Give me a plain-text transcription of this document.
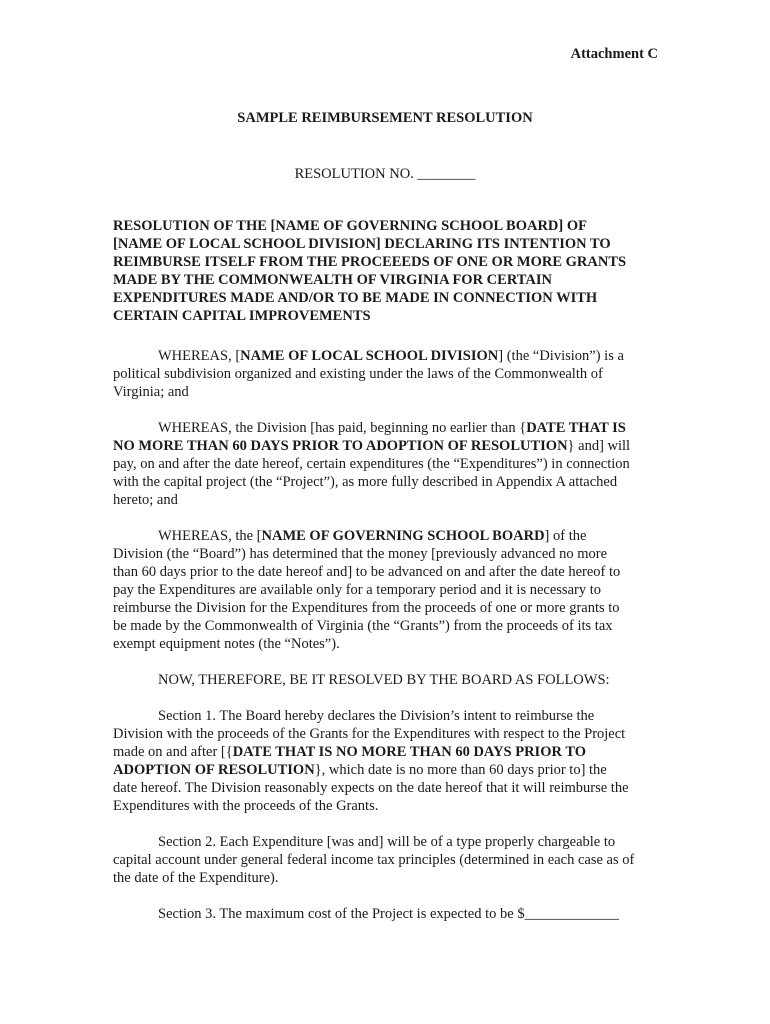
Attachment C
SAMPLE REIMBURSEMENT RESOLUTION
RESOLUTION NO. ________
RESOLUTION OF THE [NAME OF GOVERNING SCHOOL BOARD] OF
[NAME OF LOCAL SCHOOL DIVISION] DECLARING ITS INTENTION TO
REIMBURSE ITSELF FROM THE PROCEEEDS OF ONE OR MORE GRANTS
MADE BY THE COMMONWEALTH OF VIRGINIA FOR CERTAIN
EXPENDITURES MADE AND/OR TO BE MADE IN CONNECTION WITH
CERTAIN CAPITAL IMPROVEMENTS
WHEREAS, [NAME OF LOCAL SCHOOL DIVISION] (the “Division”) is a
political subdivision organized and existing under the laws of the Commonwealth of
Virginia; and
WHEREAS, the Division [has paid, beginning no earlier than {DATE THAT IS
NO MORE THAN 60 DAYS PRIOR TO ADOPTION OF RESOLUTION} and] will
pay, on and after the date hereof, certain expenditures (the “Expenditures”) in connection
with the capital project (the “Project”), as more fully described in Appendix A attached
hereto; and
WHEREAS, the [NAME OF GOVERNING SCHOOL BOARD] of the
Division (the “Board”) has determined that the money [previously advanced no more
than 60 days prior to the date hereof and] to be advanced on and after the date hereof to
pay the Expenditures are available only for a temporary period and it is necessary to
reimburse the Division for the Expenditures from the proceeds of one or more grants to
be made by the Commonwealth of Virginia (the “Grants”) from the proceeds of its tax
exempt equipment notes (the “Notes”).
NOW, THEREFORE, BE IT RESOLVED BY THE BOARD AS FOLLOWS:
Section 1. The Board hereby declares the Division’s intent to reimburse the
Division with the proceeds of the Grants for the Expenditures with respect to the Project
made on and after [{DATE THAT IS NO MORE THAN 60 DAYS PRIOR TO
ADOPTION OF RESOLUTION}, which date is no more than 60 days prior to] the
date hereof. The Division reasonably expects on the date hereof that it will reimburse the
Expenditures with the proceeds of the Grants.
Section 2. Each Expenditure [was and] will be of a type properly chargeable to
capital account under general federal income tax principles (determined in each case as of
the date of the Expenditure).
Section 3. The maximum cost of the Project is expected to be $_____________
